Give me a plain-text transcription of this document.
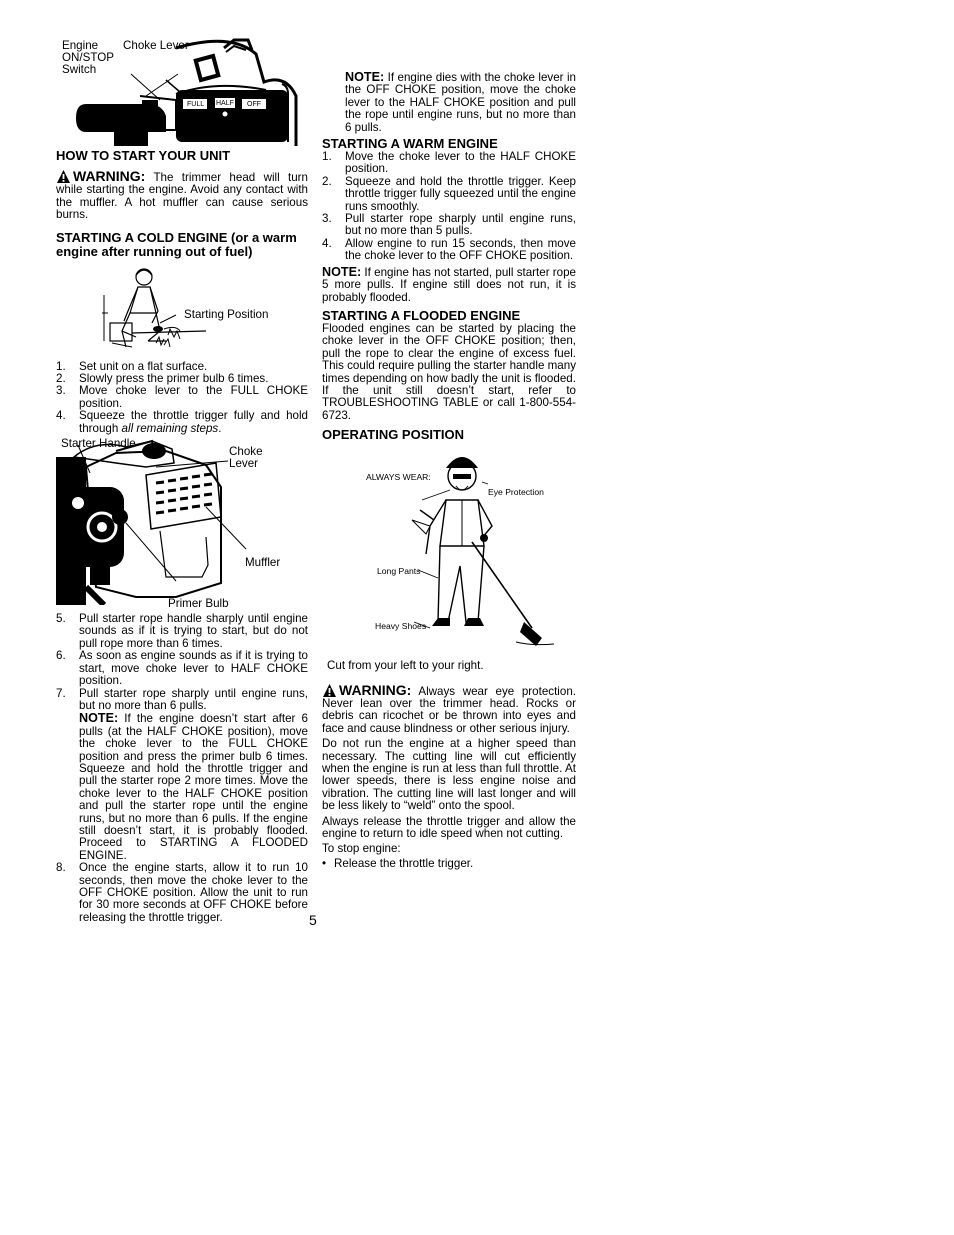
Engine ON/STOP Switch
Choke Lever
FULL HALF OFF
HOW TO START YOUR UNIT

WARNING: The trimmer head will turn while starting the engine. Avoid any contact with the muffler. A hot muffler can cause serious burns.

STARTING A COLD ENGINE (or a warm engine after running out of fuel)
Starting Position
1. Set unit on a flat surface.
2. Slowly press the primer bulb 6 times.
3. Move choke lever to the FULL CHOKE position.
4. Squeeze the throttle trigger fully and hold through all remaining steps.
Starter Handle
Choke Lever
Muffler
Primer Bulb
5. Pull starter rope handle sharply until engine sounds as if it is trying to start, but do not pull rope more than 6 times.
6. As soon as engine sounds as if it is trying to start, move choke lever to HALF CHOKE position.
7. Pull starter rope sharply until engine runs, but no more than 6 pulls.
NOTE: If the engine doesn’t start after 6 pulls (at the HALF CHOKE position), move the choke lever to the FULL CHOKE position and press the primer bulb 6 times. Squeeze and hold the throttle trigger and pull the starter rope 2 more times. Move the choke lever to the HALF CHOKE position and pull the starter rope until the engine runs, but no more than 6 pulls. If the engine still doesn’t start, it is probably flooded. Proceed to STARTING A FLOODED ENGINE.
8. Once the engine starts, allow it to run 10 seconds, then move the choke lever to the OFF CHOKE position. Allow the unit to run for 30 more seconds at OFF CHOKE before releasing the throttle trigger.
NOTE: If engine dies with the choke lever in the OFF CHOKE position, move the choke lever to the HALF CHOKE position and pull the rope until engine runs, but no more than 6 pulls.
STARTING A WARM ENGINE
1. Move the choke lever to the HALF CHOKE position.
2. Squeeze and hold the throttle trigger. Keep throttle trigger fully squeezed until the engine runs smoothly.
3. Pull starter rope sharply until engine runs, but no more than 5 pulls.
4. Allow engine to run 15 seconds, then move the choke lever to the OFF CHOKE position.

NOTE: If engine has not started, pull starter rope 5 more pulls. If engine still does not run, it is probably flooded.

STARTING A FLOODED ENGINE

Flooded engines can be started by placing the choke lever in the OFF CHOKE position; then, pull the rope to clear the engine of excess fuel. This could require pulling the starter handle many times depending on how badly the unit is flooded.

If the unit still doesn’t start, refer to TROUBLESHOOTING TABLE or call 1-800-554-6723.

OPERATING POSITION
ALWAYS WEAR:
Eye Protection
Long Pants
Heavy Shoes

Cut from your left to your right.

WARNING: Always wear eye protection. Never lean over the trimmer head. Rocks or debris can ricochet or be thrown into eyes and face and cause blindness or other serious injury.

Do not run the engine at a higher speed than necessary. The cutting line will cut efficiently when the engine is run at less than full throttle. At lower speeds, there is less engine noise and vibration. The cutting line will last longer and will be less likely to “weld” onto the spool.

Always release the throttle trigger and allow the engine to return to idle speed when not cutting.

To stop engine:

• Release the throttle trigger.
5
